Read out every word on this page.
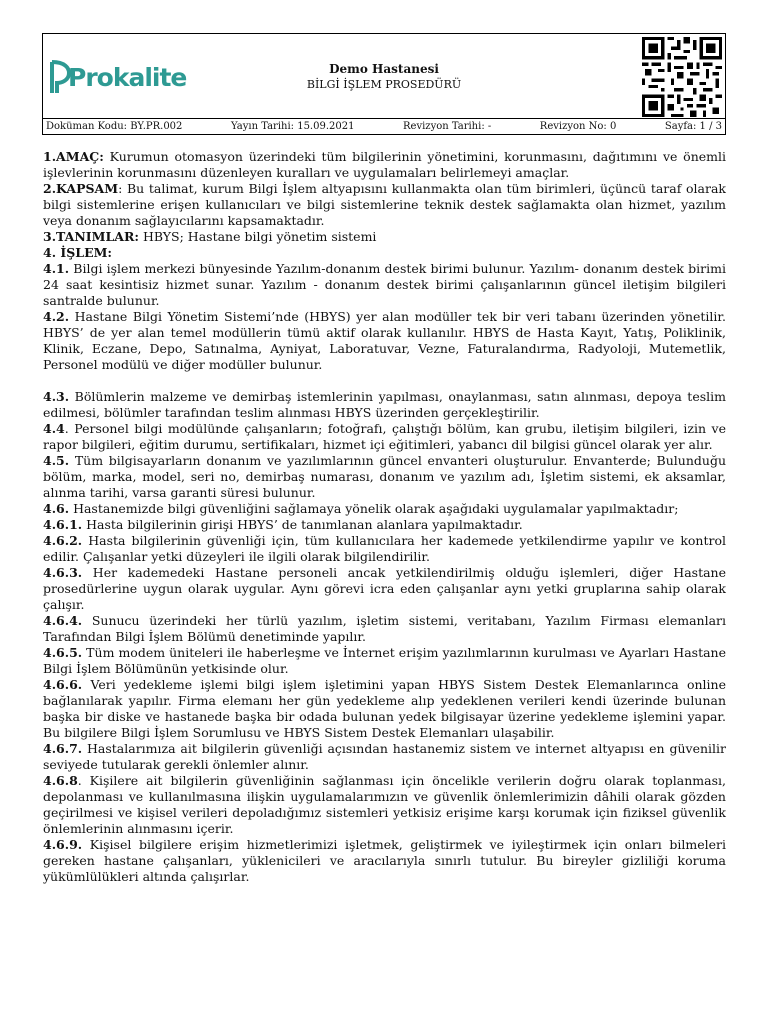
Prokalite	Demo Hastanesi
BİLGİ İŞLEM PROSEDÜRÜ
Doküman Kodu: BY.PR.002	Yayın Tarihi: 15.09.2021	Revizyon Tarihi: -	Revizyon No: 0	Sayfa: 1 / 3

1.AMAÇ: Kurumun otomasyon üzerindeki tüm bilgilerinin yönetimini, korunmasını, dağıtımını ve önemli işlevlerinin korunmasını düzenleyen kuralları ve uygulamaları belirlemeyi amaçlar.

2.KAPSAM: Bu talimat, kurum Bilgi İşlem altyapısını kullanmakta olan tüm birimleri, üçüncü taraf olarak bilgi sistemlerine erişen kullanıcıları ve bilgi sistemlerine teknik destek sağlamakta olan hizmet, yazılım veya donanım sağlayıcılarını kapsamaktadır.

3.TANIMLAR: HBYS; Hastane bilgi yönetim sistemi

4. İŞLEM:

4.1. Bilgi işlem merkezi bünyesinde Yazılım-donanım destek birimi bulunur. Yazılım- donanım destek birimi 24 saat kesintisiz hizmet sunar. Yazılım - donanım destek birimi çalışanlarının güncel iletişim bilgileri santralde bulunur.

4.2. Hastane Bilgi Yönetim Sistemi’nde (HBYS) yer alan modüller tek bir veri tabanı üzerinden yönetilir. HBYS’ de yer alan temel modüllerin tümü aktif olarak kullanılır. HBYS de Hasta Kayıt, Yatış, Poliklinik, Klinik, Eczane, Depo, Satınalma, Ayniyat, Laboratuvar, Vezne, Faturalandırma, Radyoloji, Mutemetlik, Personel modülü ve diğer modüller bulunur.

4.3. Bölümlerin malzeme ve demirbaş istemlerinin yapılması, onaylanması, satın alınması, depoya teslim edilmesi, bölümler tarafından teslim alınması HBYS üzerinden gerçekleştirilir.

4.4. Personel bilgi modülünde çalışanların; fotoğrafı, çalıştığı bölüm, kan grubu, iletişim bilgileri, izin ve rapor bilgileri, eğitim durumu, sertifikaları, hizmet içi eğitimleri, yabancı dil bilgisi güncel olarak yer alır.

4.5. Tüm bilgisayarların donanım ve yazılımlarının güncel envanteri oluşturulur. Envanterde; Bulunduğu bölüm, marka, model, seri no, demirbaş numarası, donanım ve yazılım adı, İşletim sistemi, ek aksamlar, alınma tarihi, varsa garanti süresi bulunur.

4.6. Hastanemizde bilgi güvenliğini sağlamaya yönelik olarak aşağıdaki uygulamalar yapılmaktadır;

4.6.1. Hasta bilgilerinin girişi HBYS’ de tanımlanan alanlara yapılmaktadır.

4.6.2. Hasta bilgilerinin güvenliği için, tüm kullanıcılara her kademede yetkilendirme yapılır ve kontrol edilir. Çalışanlar yetki düzeyleri ile ilgili olarak bilgilendirilir.

4.6.3. Her kademedeki Hastane personeli ancak yetkilendirilmiş olduğu işlemleri, diğer Hastane prosedürlerine uygun olarak uygular. Aynı görevi icra eden çalışanlar aynı yetki gruplarına sahip olarak çalışır.

4.6.4. Sunucu üzerindeki her türlü yazılım, işletim sistemi, veritabanı, Yazılım Firması elemanları Tarafından Bilgi İşlem Bölümü denetiminde yapılır.

4.6.5. Tüm modem üniteleri ile haberleşme ve İnternet erişim yazılımlarının kurulması ve Ayarları Hastane Bilgi İşlem Bölümünün yetkisinde olur.

4.6.6. Veri yedekleme işlemi bilgi işlem işletimini yapan HBYS Sistem Destek Elemanlarınca online bağlanılarak yapılır. Firma elemanı her gün yedekleme alıp yedeklenen verileri kendi üzerinde bulunan başka bir diske ve hastanede başka bir odada bulunan yedek bilgisayar üzerine yedekleme işlemini yapar. Bu bilgilere Bilgi İşlem Sorumlusu ve HBYS Sistem Destek Elemanları ulaşabilir.

4.6.7. Hastalarımıza ait bilgilerin güvenliği açısından hastanemiz sistem ve internet altyapısı en güvenilir seviyede tutularak gerekli önlemler alınır.

4.6.8. Kişilere ait bilgilerin güvenliğinin sağlanması için öncelikle verilerin doğru olarak toplanması, depolanması ve kullanılmasına ilişkin uygulamalarımızın ve güvenlik önlemlerimizin dâhili olarak gözden geçirilmesi ve kişisel verileri depoladığımız sistemleri yetkisiz erişime karşı korumak için fiziksel güvenlik önlemlerinin alınmasını içerir.

4.6.9. Kişisel bilgilere erişim hizmetlerimizi işletmek, geliştirmek ve iyileştirmek için onları bilmeleri gereken hastane çalışanları, yüklenicileri ve aracılarıyla sınırlı tutulur. Bu bireyler gizliliği koruma yükümlülükleri altında çalışırlar.
